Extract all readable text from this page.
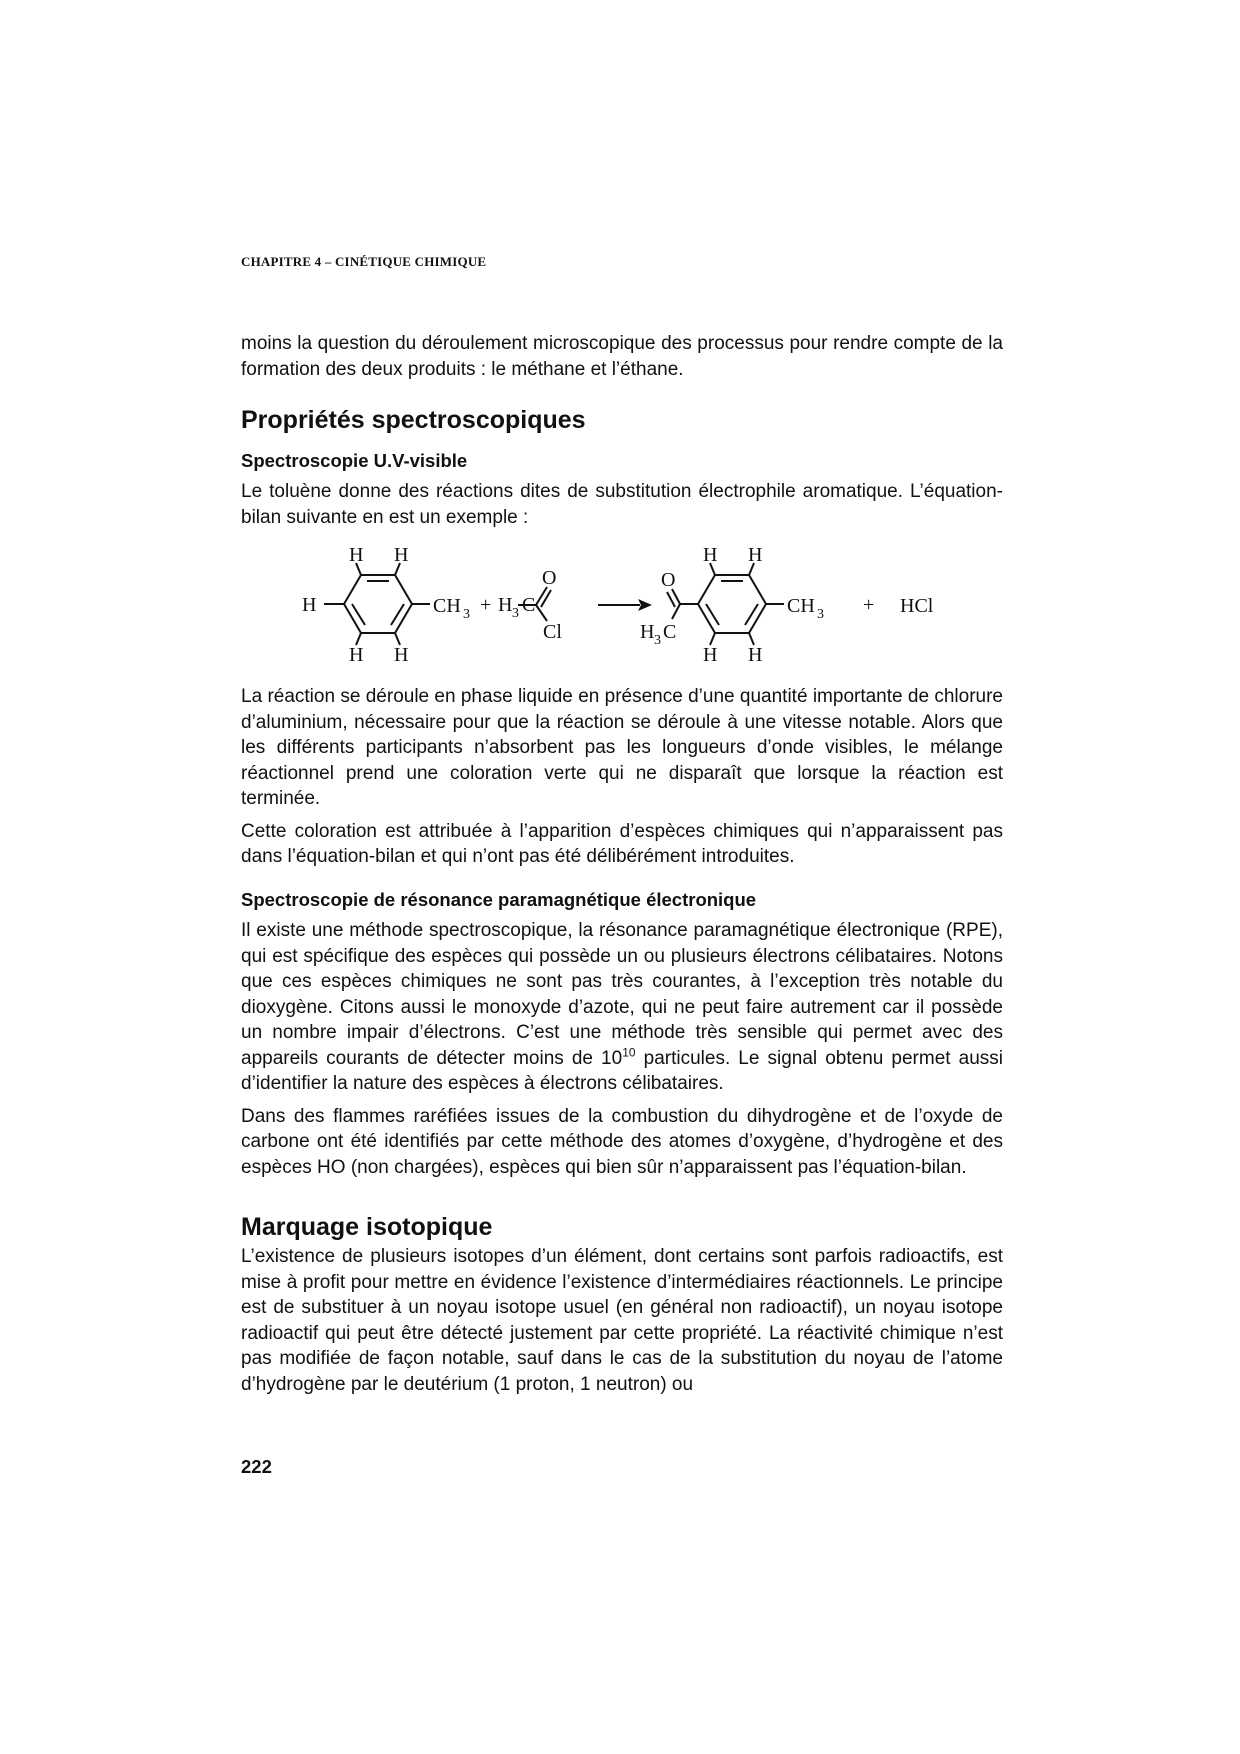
CHAPITRE 4 – CINÉTIQUE CHIMIQUE

moins la question du déroulement microscopique des processus pour rendre compte de la formation des deux produits : le méthane et l’éthane.

Propriétés spectroscopiques
Spectroscopie U.V-visible

Le toluène donne des réactions dites de substitution électrophile aromatique. L’équation-bilan suivante en est un exemple :

H H
H
H H
CH 3 + H 3 C
O
Cl
H H
H H
O
H 3 C
CH 3 + HCl

La réaction se déroule en phase liquide en présence d’une quantité importante de chlorure d’aluminium, nécessaire pour que la réaction se déroule à une vitesse notable. Alors que les différents participants n’absorbent pas les longueurs d’onde visibles, le mélange réactionnel prend une coloration verte qui ne disparaît que lorsque la réaction est terminée.

Cette coloration est attribuée à l’apparition d’espèces chimiques qui n’apparaissent pas dans l’équation-bilan et qui n’ont pas été délibérément introduites.

Spectroscopie de résonance paramagnétique électronique

Il existe une méthode spectroscopique, la résonance paramagnétique électronique (RPE), qui est spécifique des espèces qui possède un ou plusieurs électrons célibataires. Notons que ces espèces chimiques ne sont pas très courantes, à l’exception très notable du dioxygène. Citons aussi le monoxyde d’azote, qui ne peut faire autrement car il possède un nombre impair d’électrons. C’est une méthode très sensible qui permet avec des appareils courants de détecter moins de $10^{10}$ particules. Le signal obtenu permet aussi d’identifier la nature des espèces à électrons célibataires.

Dans des flammes raréfiées issues de la combustion du dihydrogène et de l’oxyde de carbone ont été identifiés par cette méthode des atomes d’oxygène, d’hydrogène et des espèces HO (non chargées), espèces qui bien sûr n’apparaissent pas l’équation-bilan.

Marquage isotopique

L’existence de plusieurs isotopes d’un élément, dont certains sont parfois radioactifs, est mise à profit pour mettre en évidence l’existence d’intermédiaires réactionnels. Le principe est de substituer à un noyau isotope usuel (en général non radioactif), un noyau isotope radioactif qui peut être détecté justement par cette propriété. La réactivité chimique n’est pas modifiée de façon notable, sauf dans le cas de la substitution du noyau de l’atome d’hydrogène par le deutérium (1 proton, 1 neutron) ou

222
